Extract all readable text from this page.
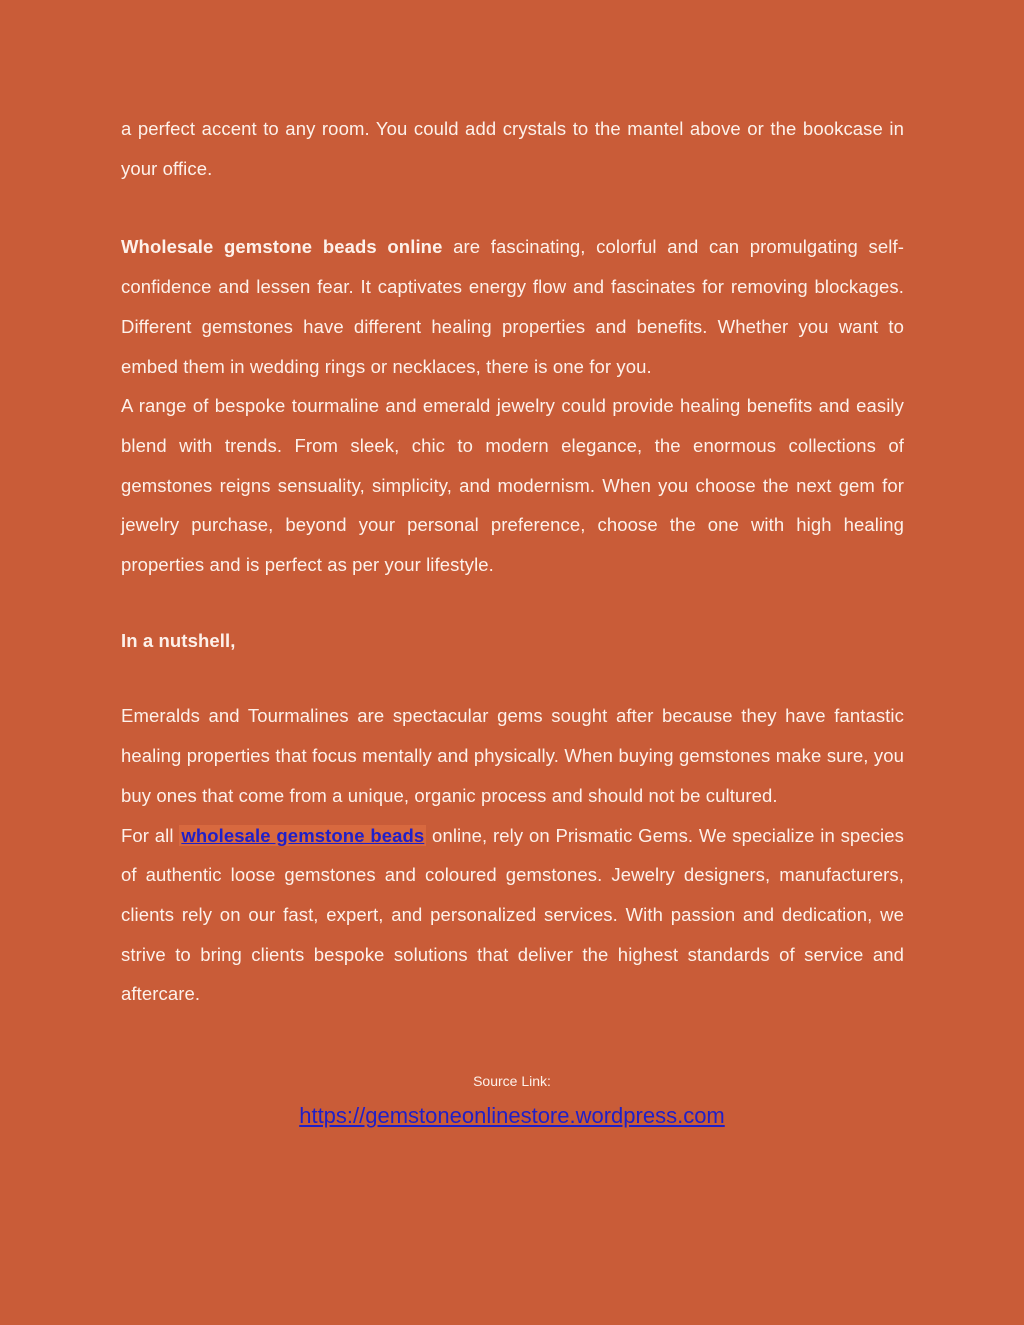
a perfect accent to any room. You could add crystals to the mantel above or the bookcase in your office.

Wholesale gemstone beads online are fascinating, colorful and can promulgating self-confidence and lessen fear. It captivates energy flow and fascinates for removing blockages. Different gemstones have different healing properties and benefits. Whether you want to embed them in wedding rings or necklaces, there is one for you.

A range of bespoke tourmaline and emerald jewelry could provide healing benefits and easily blend with trends. From sleek, chic to modern elegance, the enormous collections of gemstones reigns sensuality, simplicity, and modernism. When you choose the next gem for jewelry purchase, beyond your personal preference, choose the one with high healing properties and is perfect as per your lifestyle.

In a nutshell,

Emeralds and Tourmalines are spectacular gems sought after because they have fantastic healing properties that focus mentally and physically. When buying gemstones make sure, you buy ones that come from a unique, organic process and should not be cultured.

For all wholesale gemstone beads online, rely on Prismatic Gems. We specialize in species of authentic loose gemstones and coloured gemstones. Jewelry designers, manufacturers, clients rely on our fast, expert, and personalized services. With passion and dedication, we strive to bring clients bespoke solutions that deliver the highest standards of service and aftercare.

Source Link:
https://gemstoneonlinestore.wordpress.com
